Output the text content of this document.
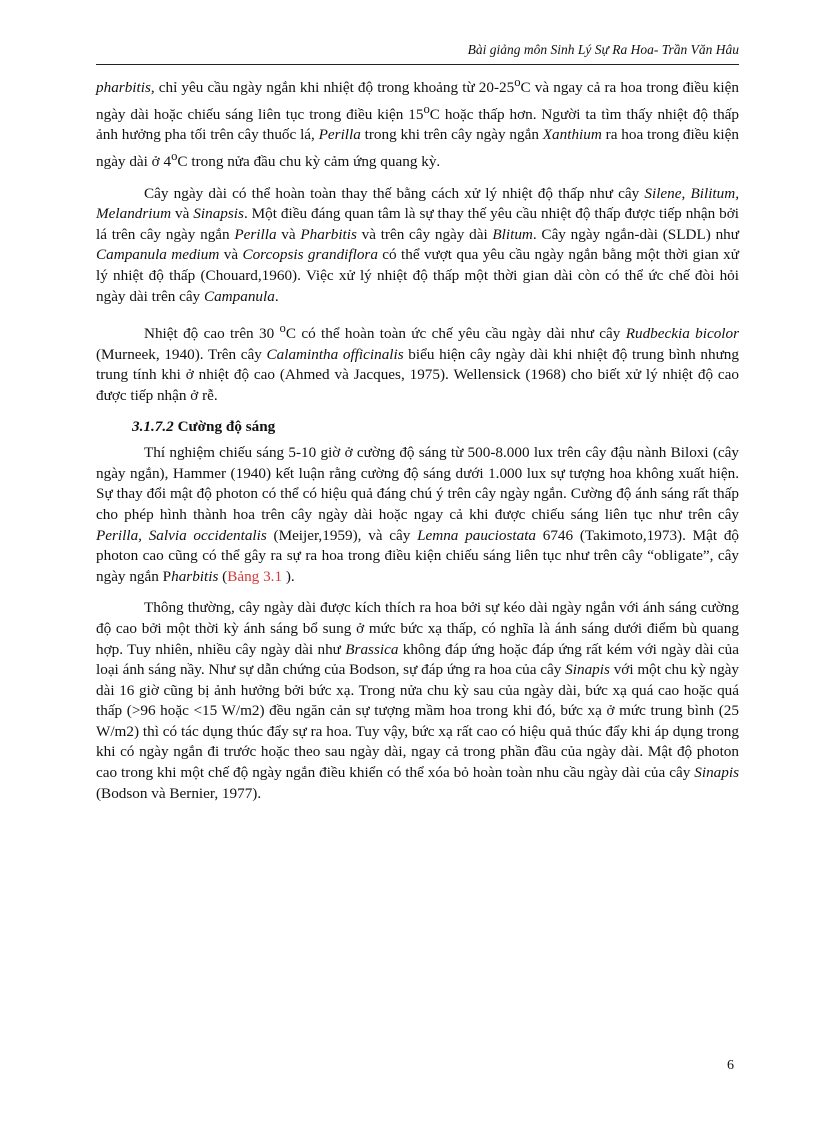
Bài giảng môn Sinh Lý Sự Ra Hoa- Trần Văn Hâu

pharbitis, chỉ yêu cầu ngày ngắn khi nhiệt độ trong khoảng từ 20-25$^o$C và ngay cả ra hoa trong điều kiện ngày dài hoặc chiếu sáng liên tục trong điều kiện 15$^o$C hoặc thấp hơn. Người ta tìm thấy nhiệt độ thấp ảnh hưởng pha tối trên cây thuốc lá, Perilla trong khi trên cây ngày ngắn Xanthium ra hoa trong điều kiện ngày dài ở 4$^o$C trong nửa đầu chu kỳ cảm ứng quang kỳ.

Cây ngày dài có thể hoàn toàn thay thế bằng cách xử lý nhiệt độ thấp như cây Silene, Bilitum, Melandrium và Sinapsis. Một điều đáng quan tâm là sự thay thế yêu cầu nhiệt độ thấp được tiếp nhận bởi lá trên cây ngày ngắn Perilla và Pharbitis và trên cây ngày dài Blitum. Cây ngày ngắn-dài (SLDL) như Campanula medium và Corcopsis grandiflora có thể vượt qua yêu cầu ngày ngắn bằng một thời gian xử lý nhiệt độ thấp (Chouard,1960). Việc xử lý nhiệt độ thấp một thời gian dài còn có thể ức chế đòi hỏi ngày dài trên cây Campanula.

Nhiệt độ cao trên 30 $^o$C có thể hoàn toàn ức chế yêu cầu ngày dài như cây Rudbeckia bicolor (Murneek, 1940). Trên cây Calamintha officinalis biểu hiện cây ngày dài khi nhiệt độ trung bình nhưng trung tính khi ở nhiệt độ cao (Ahmed và Jacques, 1975). Wellensick (1968) cho biết xử lý nhiệt độ cao được tiếp nhận ở rễ.

3.1.7.2 Cường độ sáng

Thí nghiệm chiếu sáng 5-10 giờ ở cường độ sáng từ 500-8.000 lux trên cây đậu nành Biloxi (cây ngày ngắn), Hammer (1940) kết luận rằng cường độ sáng dưới 1.000 lux sự tượng hoa không xuất hiện. Sự thay đổi mật độ photon có thể có hiệu quả đáng chú ý trên cây ngày ngắn. Cường độ ánh sáng rất thấp cho phép hình thành hoa trên cây ngày dài hoặc ngay cả khi được chiếu sáng liên tục như trên cây Perilla, Salvia occidentalis (Meijer,1959), và cây Lemna pauciostata 6746 (Takimoto,1973). Mật độ photon cao cũng có thể gây ra sự ra hoa trong điều kiện chiếu sáng liên tục như trên cây “obligate”, cây ngày ngắn Pharbitis (Bảng 3.1 ).

Thông thường, cây ngày dài được kích thích ra hoa bởi sự kéo dài ngày ngắn với ánh sáng cường độ cao bởi một thời kỳ ánh sáng bổ sung ở mức bức xạ thấp, có nghĩa là ánh sáng dưới điểm bù quang hợp. Tuy nhiên, nhiều cây ngày dài như Brassica không đáp ứng hoặc đáp ứng rất kém với ngày dài của loại ánh sáng nầy. Như sự dẫn chứng của Bodson, sự đáp ứng ra hoa của cây Sinapis với một chu kỳ ngày dài 16 giờ cũng bị ảnh hưởng bởi bức xạ. Trong nửa chu kỳ sau của ngày dài, bức xạ quá cao hoặc quá thấp (>96 hoặc <15 W/m2) đều ngăn cản sự tượng mầm hoa trong khi đó, bức xạ ở mức trung bình (25 W/m2) thì có tác dụng thúc đẩy sự ra hoa. Tuy vậy, bức xạ rất cao có hiệu quả thúc đẩy khi áp dụng trong khi có ngày ngắn đi trước hoặc theo sau ngày dài, ngay cả trong phần đầu của ngày dài. Mật độ photon cao trong khi một chế độ ngày ngắn điều khiển có thể xóa bỏ hoàn toàn nhu cầu ngày dài của cây Sinapis (Bodson và Bernier, 1977).

6
